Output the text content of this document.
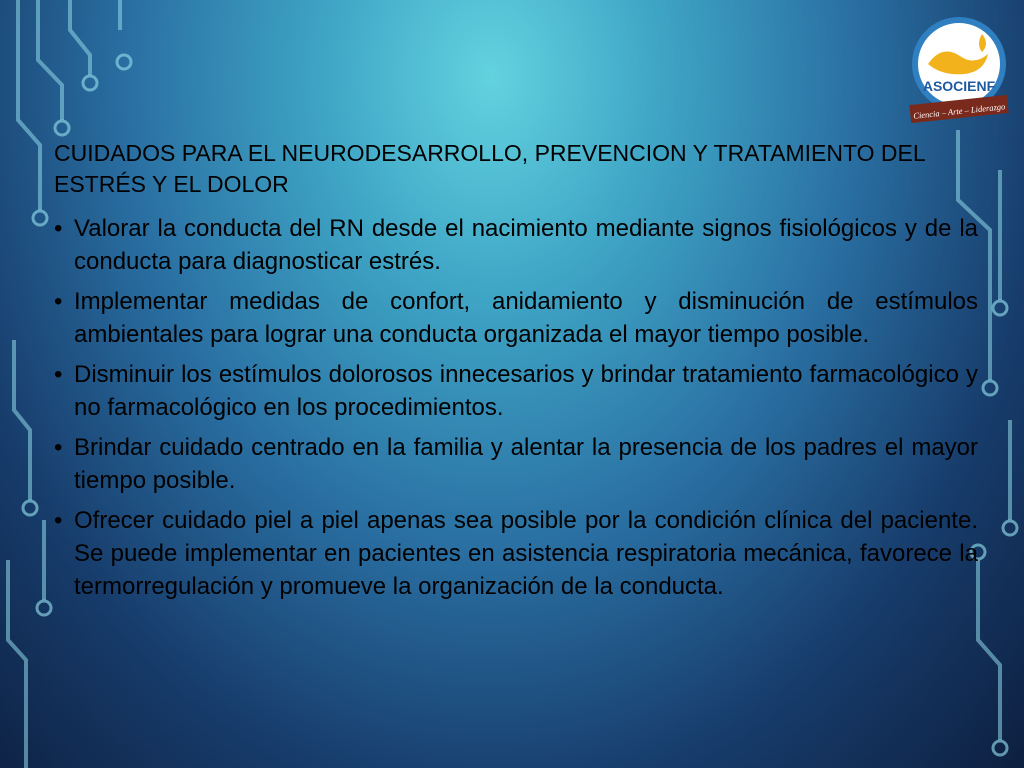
ASOCIENF
Ciencia – Arte – Liderazgo
CUIDADOS PARA EL NEURODESARROLLO, PREVENCION Y TRATAMIENTO DEL ESTRÉS Y EL DOLOR
• Valorar la conducta del RN desde el nacimiento mediante signos fisiológicos y de la conducta para diagnosticar estrés.
• Implementar medidas de confort, anidamiento y disminución de estímulos ambientales para lograr una conducta organizada el mayor tiempo posible.
• Disminuir los estímulos dolorosos innecesarios y brindar tratamiento farmacológico y no farmacológico en los procedimientos.
• Brindar cuidado centrado en la familia y alentar la presencia de los padres el mayor tiempo posible.
• Ofrecer cuidado piel a piel apenas sea posible por la condición clínica del paciente. Se puede implementar en pacientes en asistencia respiratoria mecánica, favorece la termorregulación y promueve la organización de la conducta.
